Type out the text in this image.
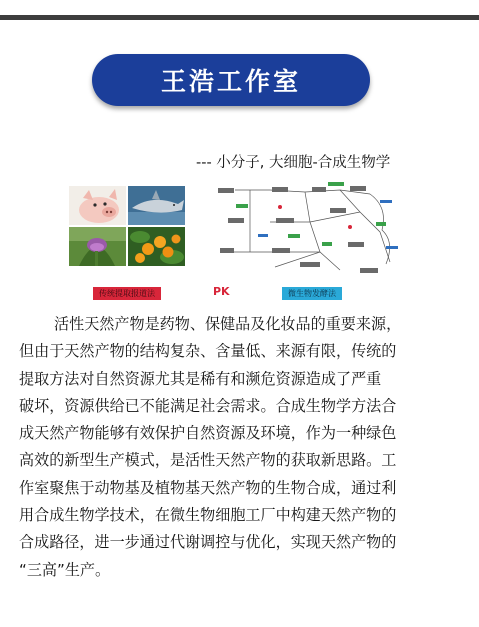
王浩工作室
--- 小分子, 大细胞-合成生物学
传统提取报道法	PK	微生物发酵法
活性天然产物是药物、保健品及化妆品的重要来源，
但由于天然产物的结构复杂、含量低、来源有限，传统的
提取方法对自然资源尤其是稀有和濒危资源造成了严重
破坏，资源供给已不能满足社会需求。合成生物学方法合
成天然产物能够有效保护自然资源及环境，作为一种绿色
高效的新型生产模式，是活性天然产物的获取新思路。工
作室聚焦于动物基及植物基天然产物的生物合成，通过利
用合成生物学技术，在微生物细胞工厂中构建天然产物的
合成路径，进一步通过代谢调控与优化，实现天然产物的
“三高”生产。
